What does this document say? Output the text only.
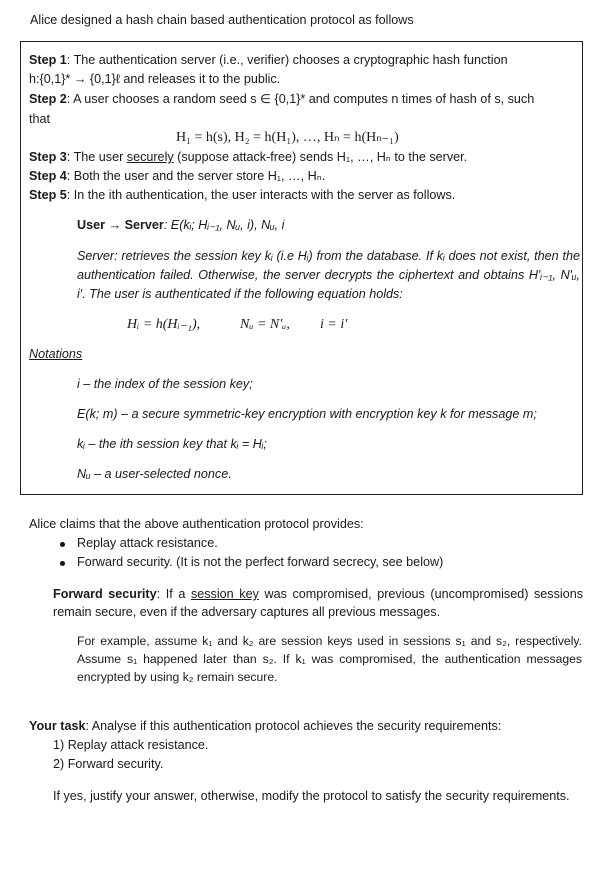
Alice designed a hash chain based authentication protocol as follows
Step 1: The authentication server (i.e., verifier) chooses a cryptographic hash function
h:{0,1}* → {0,1}ℓ and releases it to the public.
Step 2: A user chooses a random seed s ∈ {0,1}* and computes n times of hash of s, such
that
H₁ = h(s), H₂ = h(H₁), …, Hₙ = h(Hₙ₋₁)
Step 3: The user securely (suppose attack-free) sends H₁, …, Hₙ to the server.
Step 4: Both the user and the server store H₁, …, Hₙ.
Step 5: In the ith authentication, the user interacts with the server as follows.
User → Server: E(kᵢ; Hᵢ₋₁, Nᵤ, i), Nᵤ, i
Server: retrieves the session key kᵢ (i.e Hᵢ) from the database. If kᵢ does not exist, then the authentication failed. Otherwise, the server decrypts the ciphertext and obtains H′ᵢ₋₁, N′ᵤ, i′. The user is authenticated if the following equation holds:
Hᵢ = h(Hᵢ₋₁),	Nᵤ = N′ᵤ, i = i′
Notations
i – the index of the session key;
E(k; m) – a secure symmetric-key encryption with encryption key k for message m;
kᵢ – the ith session key that kᵢ = Hᵢ;
Nᵤ – a user-selected nonce.
Alice claims that the above authentication protocol provides:
Replay attack resistance.
Forward security. (It is not the perfect forward secrecy, see below)
Forward security: If a session key was compromised, previous (uncompromised) sessions remain secure, even if the adversary captures all previous messages.
For example, assume k₁ and k₂ are session keys used in sessions s₁ and s₂, respectively. Assume s₁ happened later than s₂. If k₁ was compromised, the authentication messages encrypted by using k₂ remain secure.
Your task: Analyse if this authentication protocol achieves the security requirements:
1) Replay attack resistance.
2) Forward security.
If yes, justify your answer, otherwise, modify the protocol to satisfy the security requirements.
